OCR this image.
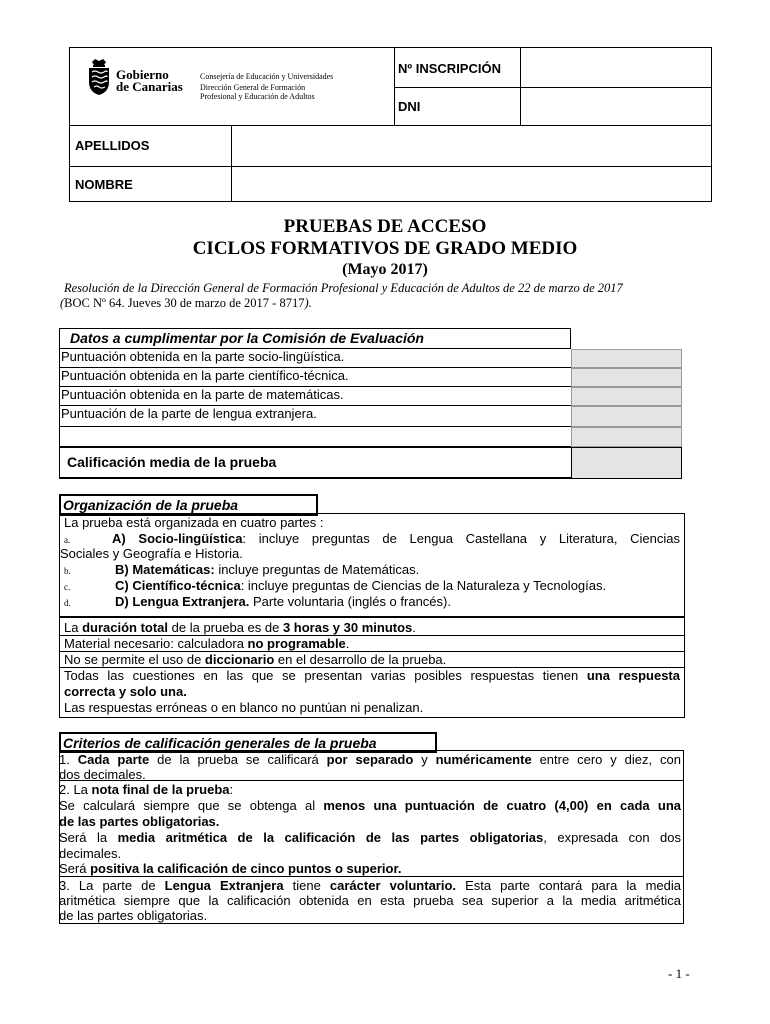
Gobierno
de Canarias
Consejería de Educación y Universidades
Dirección General de Formación
Profesional y Educación de Adultos
Nº INSCRIPCIÓN
DNI
APELLIDOS
NOMBRE
PRUEBAS DE ACCESO
CICLOS FORMATIVOS DE GRADO MEDIO
(Mayo 2017)
Resolución de la Dirección General de Formación Profesional y Educación de Adultos de 22 de marzo de 2017
(BOC Nº 64. Jueves 30 de marzo de 2017 - 8717).
Datos a cumplimentar por la Comisión de Evaluación
Puntuación obtenida en la parte socio-lingüística.
Puntuación obtenida en la parte científico-técnica.
Puntuación obtenida en la parte de matemáticas.
Puntuación de la parte de lengua extranjera.
Calificación media de la prueba
Organización de la prueba
La prueba está organizada en cuatro partes :
a.	A) Socio-lingüística: incluye preguntas de Lengua Castellana y Literatura, Ciencias
Sociales y Geografía e Historia.
b.	B) Matemáticas: incluye preguntas de Matemáticas.
c.	C) Científico-técnica: incluye preguntas de Ciencias de la Naturaleza y Tecnologías.
d.	D) Lengua Extranjera. Parte voluntaria (inglés o francés).
La duración total de la prueba es de 3 horas y 30 minutos.
Material necesario: calculadora no programable.
No se permite el uso de diccionario en el desarrollo de la prueba.
Todas las cuestiones en las que se presentan varias posibles respuestas tienen una respuesta
correcta y solo una.
Las respuestas erróneas o en blanco no puntúan ni penalizan.
Criterios de calificación generales de la prueba
1. Cada parte de la prueba se calificará por separado y numéricamente entre cero y diez, con
dos decimales.
2. La nota final de la prueba:
Se calculará siempre que se obtenga al menos una puntuación de cuatro (4,00) en cada una
de las partes obligatorias.
Será la media aritmética de la calificación de las partes obligatorias, expresada con dos
decimales.
Será positiva la calificación de cinco puntos o superior.
3. La parte de Lengua Extranjera tiene carácter voluntario. Esta parte contará para la media
aritmética siempre que la calificación obtenida en esta prueba sea superior a la media aritmética
de las partes obligatorias.
- 1 -
